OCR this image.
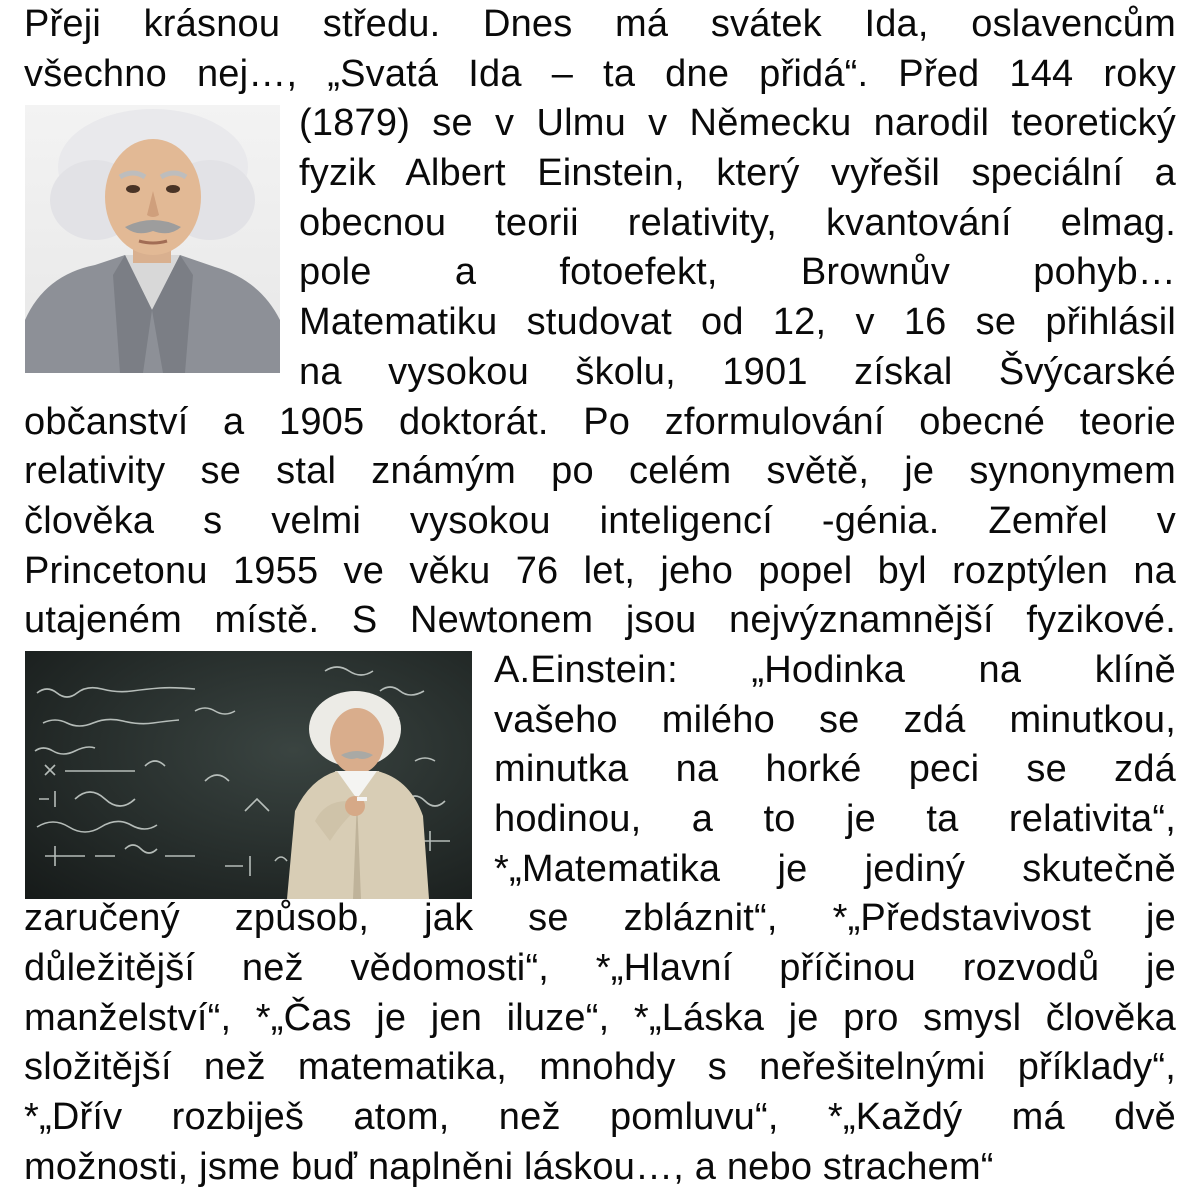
Přeji krásnou středu. Dnes má svátek Ida, oslavencům
všechno nej…, „Svatá Ida – ta dne přidá“. Před 144 roky
(1879) se v Ulmu v Německu narodil teoretický
fyzik Albert Einstein, který vyřešil speciální a
obecnou teorii relativity, kvantování elmag.
pole a fotoefekt, Brownův pohyb…
Matematiku studovat od 12, v 16 se přihlásil
na vysokou školu, 1901 získal Švýcarské
občanství a 1905 doktorát. Po zformulování obecné teorie
relativity se stal známým po celém světě, je synonymem
člověka s velmi vysokou inteligencí -génia. Zemřel v
Princetonu 1955 ve věku 76 let, jeho popel byl rozptýlen na
utajeném místě. S Newtonem jsou nejvýznamnější fyzikové.
A.Einstein: „Hodinka na klíně
vašeho milého se zdá minutkou,
minutka na horké peci se zdá
hodinou, a to je ta relativita“,
*„Matematika je jediný skutečně
zaručený způsob, jak se zbláznit“, *„Představivost je
důležitější než vědomosti“, *„Hlavní příčinou rozvodů je
manželství“, *„Čas je jen iluze“, *„Láska je pro smysl člověka
složitější než matematika, mnohdy s neřešitelnými příklady“,
*„Dřív rozbiješ atom, než pomluvu“, *„Každý má dvě
možnosti, jsme buď naplněni láskou…, a nebo strachem“
